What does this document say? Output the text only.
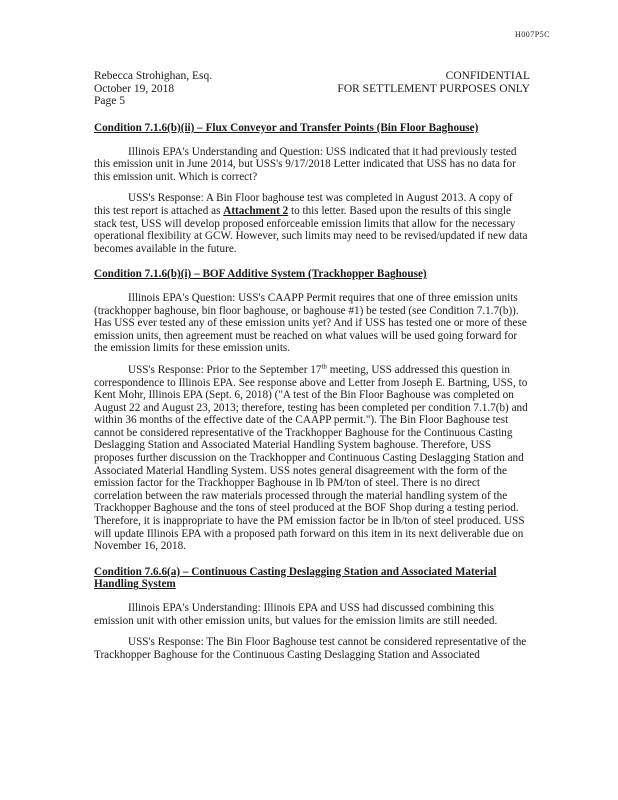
H007P5C
Rebecca Strohighan, Esq.
October 19, 2018
Page 5
CONFIDENTIAL
FOR SETTLEMENT PURPOSES ONLY

Condition 7.1.6(b)(ii) – Flux Conveyor and Transfer Points (Bin Floor Baghouse)

Illinois EPA's Understanding and Question: USS indicated that it had previously tested this emission unit in June 2014, but USS's 9/17/2018 Letter indicated that USS has no data for this emission unit. Which is correct?

USS's Response: A Bin Floor baghouse test was completed in August 2013. A copy of this test report is attached as Attachment 2 to this letter. Based upon the results of this single stack test, USS will develop proposed enforceable emission limits that allow for the necessary operational flexibility at GCW. However, such limits may need to be revised/updated if new data becomes available in the future.

Condition 7.1.6(b)(i) – BOF Additive System (Trackhopper Baghouse)

Illinois EPA's Question: USS's CAAPP Permit requires that one of three emission units (trackhopper baghouse, bin floor baghouse, or baghouse #1) be tested (see Condition 7.1.7(b)). Has USS ever tested any of these emission units yet? And if USS has tested one or more of these emission units, then agreement must be reached on what values will be used going forward for the emission limits for these emission units.

USS's Response: Prior to the September 17th meeting, USS addressed this question in correspondence to Illinois EPA. See response above and Letter from Joseph E. Bartning, USS, to Kent Mohr, Illinois EPA (Sept. 6, 2018) ("A test of the Bin Floor Baghouse was completed on August 22 and August 23, 2013; therefore, testing has been completed per condition 7.1.7(b) and within 36 months of the effective date of the CAAPP permit."). The Bin Floor Baghouse test cannot be considered representative of the Trackhopper Baghouse for the Continuous Casting Deslagging Station and Associated Material Handling System baghouse. Therefore, USS proposes further discussion on the Trackhopper and Continuous Casting Deslagging Station and Associated Material Handling System. USS notes general disagreement with the form of the emission factor for the Trackhopper Baghouse in lb PM/ton of steel. There is no direct correlation between the raw materials processed through the material handling system of the Trackhopper Baghouse and the tons of steel produced at the BOF Shop during a testing period. Therefore, it is inappropriate to have the PM emission factor be in lb/ton of steel produced. USS will update Illinois EPA with a proposed path forward on this item in its next deliverable due on November 16, 2018.

Condition 7.6.6(a) – Continuous Casting Deslagging Station and Associated Material Handling System

Illinois EPA's Understanding: Illinois EPA and USS had discussed combining this emission unit with other emission units, but values for the emission limits are still needed.

USS's Response: The Bin Floor Baghouse test cannot be considered representative of the Trackhopper Baghouse for the Continuous Casting Deslagging Station and Associated
